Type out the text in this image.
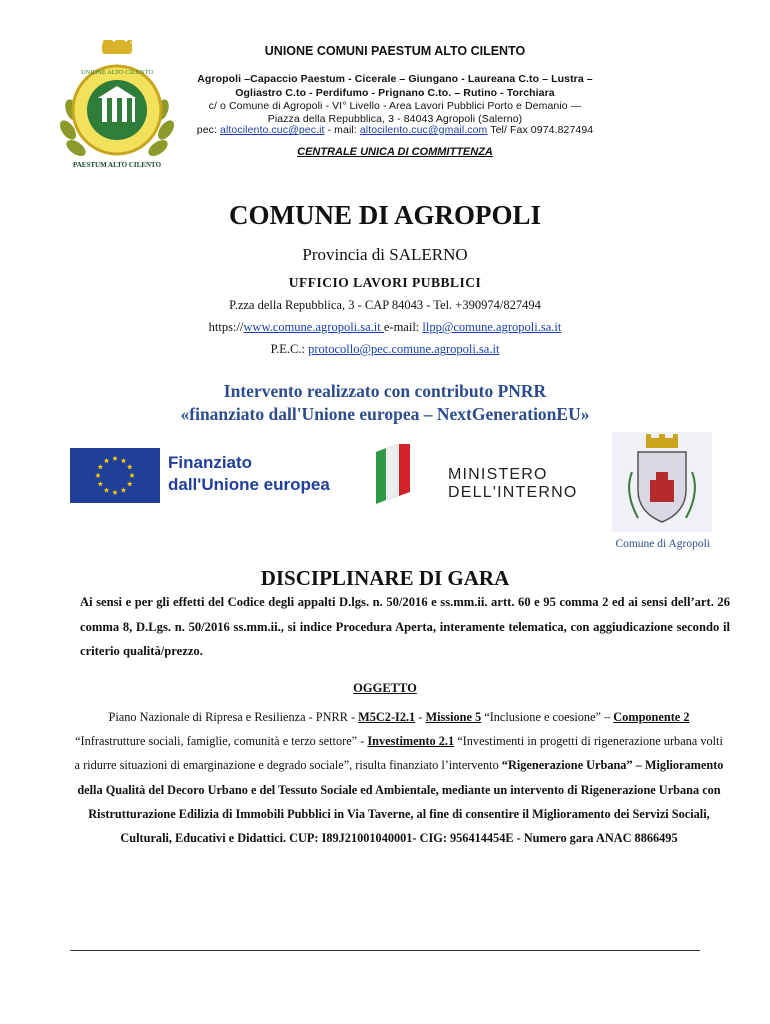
UNIONE ALTO CILENTO
PAESTUM ALTO CILENTO
UNIONE COMUNI PAESTUM ALTO CILENTO
Agropoli –Capaccio Paestum - Cicerale – Giungano - Laureana C.to – Lustra –
Ogliastro C.to - Perdifumo - Prignano C.to. – Rutino - Torchiara
c/ o Comune di Agropoli - VI° Livello - Area Lavori Pubblici Porto e Demanio —
Piazza della Repubblica, 3 - 84043 Agropoli (Salerno)
pec: altocilento.cuc@pec.it - mail: altocilento.cuc@gmail.com Tel/ Fax 0974.827494
CENTRALE UNICA DI COMMITTENZA
COMUNE DI AGROPOLI
Provincia di SALERNO
UFFICIO LAVORI PUBBLICI
P.zza della Repubblica, 3 - CAP 84043 - Tel. +390974/827494
https://www.comune.agropoli.sa.it e-mail: llpp@comune.agropoli.sa.it
P.E.C.: protocollo@pec.comune.agropoli.sa.it
Intervento realizzato con contributo PNRR
«finanziato dall'Unione europea – NextGenerationEU»
Finanziato
dall'Unione europea
MINISTERO
DELL'INTERNO
Comune di Agropoli
DISCIPLINARE DI GARA
Ai sensi e per gli effetti del Codice degli appalti D.lgs. n. 50/2016 e ss.mm.ii. artt. 60 e 95 comma 2 ed ai sensi dell’art. 26 comma 8, D.Lgs. n. 50/2016 ss.mm.ii., si indice Procedura Aperta, interamente telematica, con aggiudicazione secondo il criterio qualità/prezzo.
OGGETTO
Piano Nazionale di Ripresa e Resilienza - PNRR - M5C2-I2.1 - Missione 5 “Inclusione e coesione” – Componente 2 “Infrastrutture sociali, famiglie, comunità e terzo settore” - Investimento 2.1 “Investimenti in progetti di rigenerazione urbana volti a ridurre situazioni di emarginazione e degrado sociale”, risulta finanziato l’intervento “Rigenerazione Urbana” – Miglioramento della Qualità del Decoro Urbano e del Tessuto Sociale ed Ambientale, mediante un intervento di Rigenerazione Urbana con Ristrutturazione Edilizia di Immobili Pubblici in Via Taverne, al fine di consentire il Miglioramento dei Servizi Sociali, Culturali, Educativi e Didattici. CUP: I89J21001040001- CIG: 956414454E - Numero gara ANAC 8866495
